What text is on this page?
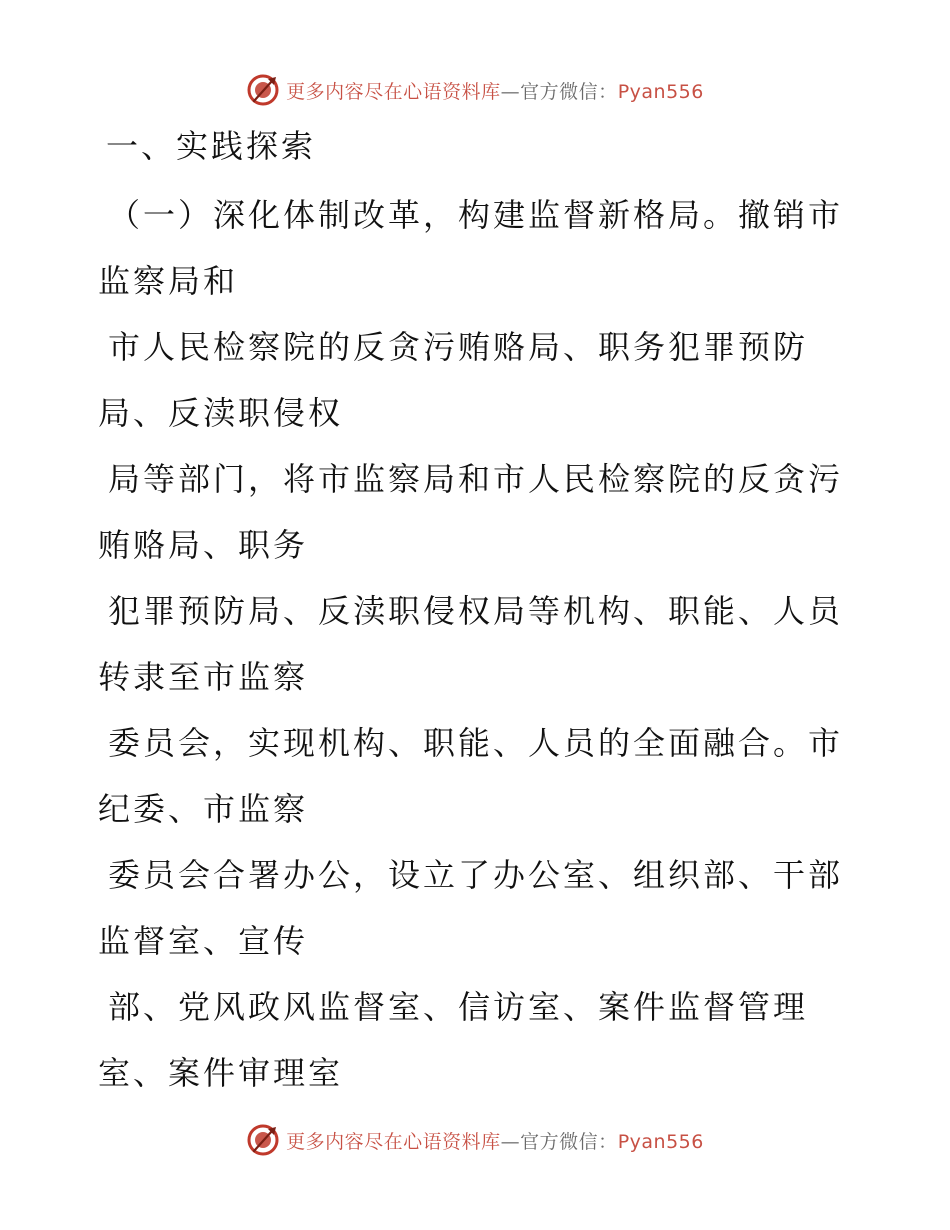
更多内容尽在心语资料库—官方微信：Pyan556
一、实践探索

（一）深化体制改革，构建监督新格局。撤销市
监察局和

市人民检察院的反贪污贿赂局、职务犯罪预防
局、反渎职侵权

局等部门，将市监察局和市人民检察院的反贪污
贿赂局、职务

犯罪预防局、反渎职侵权局等机构、职能、人员
转隶至市监察

委员会，实现机构、职能、人员的全面融合。市
纪委、市监察

委员会合署办公，设立了办公室、组织部、干部
监督室、宣传

部、党风政风监督室、信访室、案件监督管理
室、案件审理室

更多内容尽在心语资料库—官方微信：Pyan556
